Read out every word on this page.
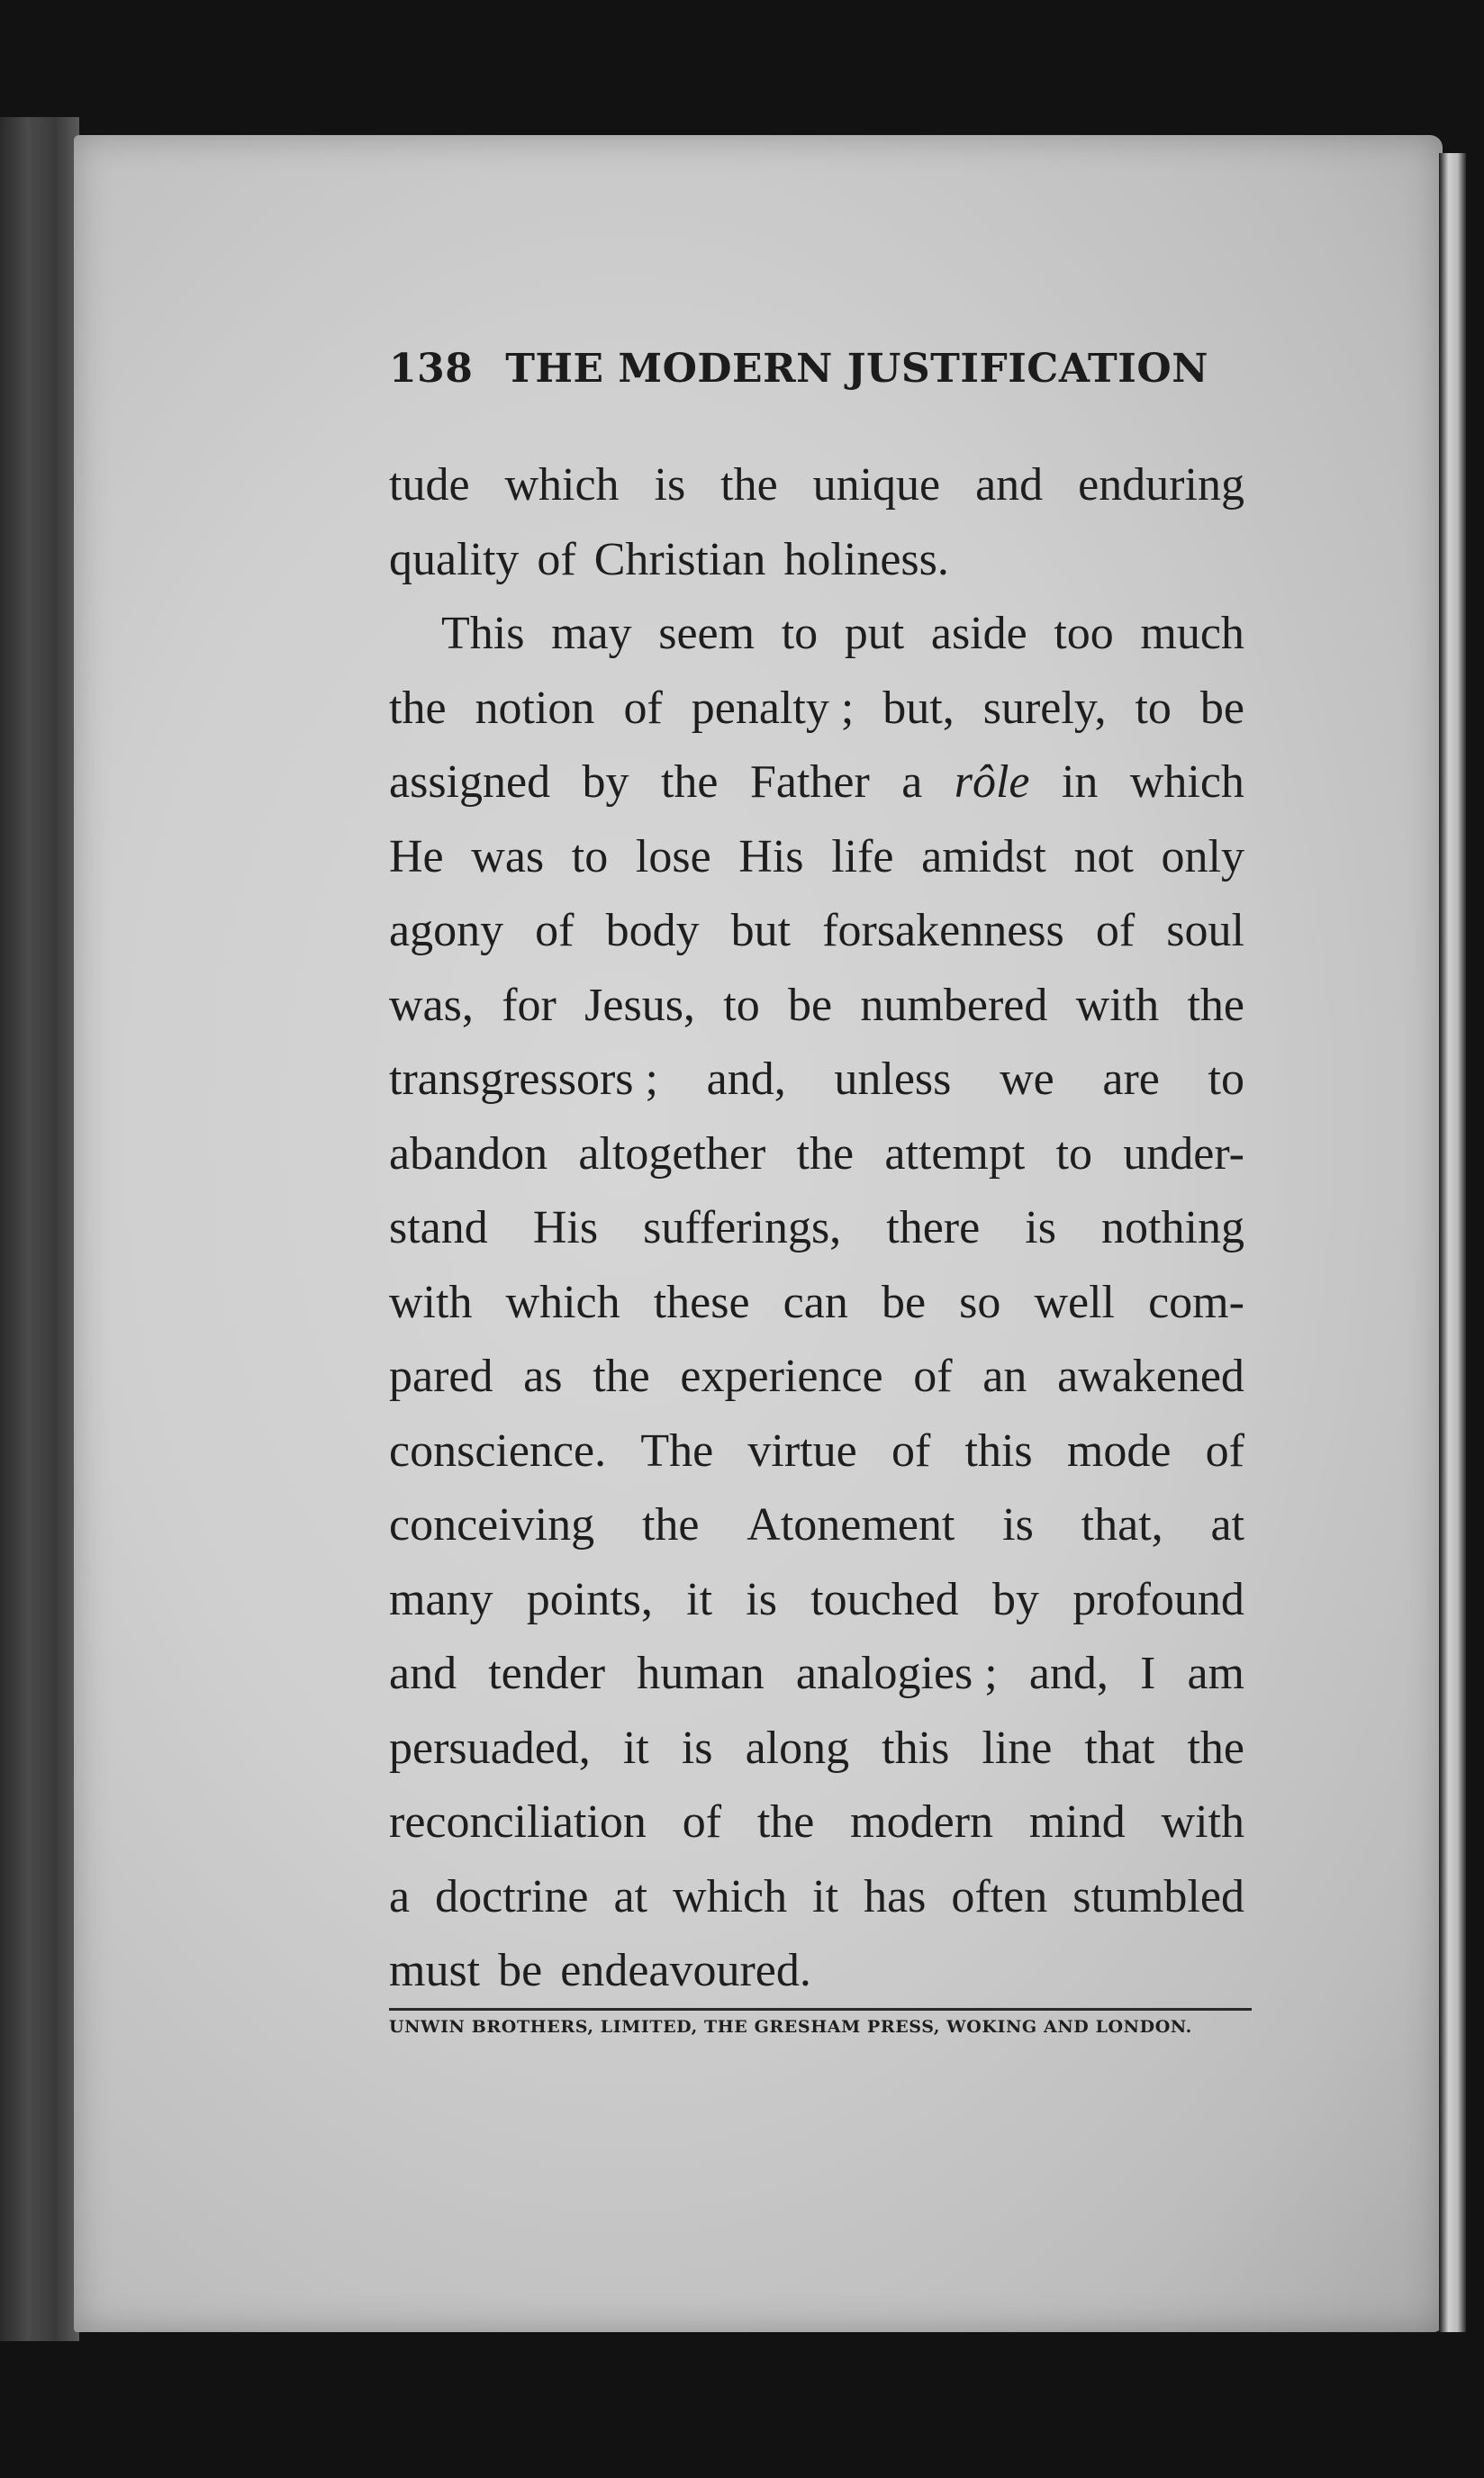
138 THE MODERN JUSTIFICATION
tude which is the unique and enduring
quality of Christian holiness.
This may seem to put aside too much
the notion of penalty ; but, surely, to be
assigned by the Father a rôle in which
He was to lose His life amidst not only
agony of body but forsakenness of soul
was, for Jesus, to be numbered with the
transgressors ; and, unless we are to
abandon altogether the attempt to under-
stand His sufferings, there is nothing
with which these can be so well com-
pared as the experience of an awakened
conscience. The virtue of this mode of
conceiving the Atonement is that, at
many points, it is touched by profound
and tender human analogies ; and, I am
persuaded, it is along this line that the
reconciliation of the modern mind with
a doctrine at which it has often stumbled
must be endeavoured.
UNWIN BROTHERS, LIMITED, THE GRESHAM PRESS, WOKING AND LONDON.
